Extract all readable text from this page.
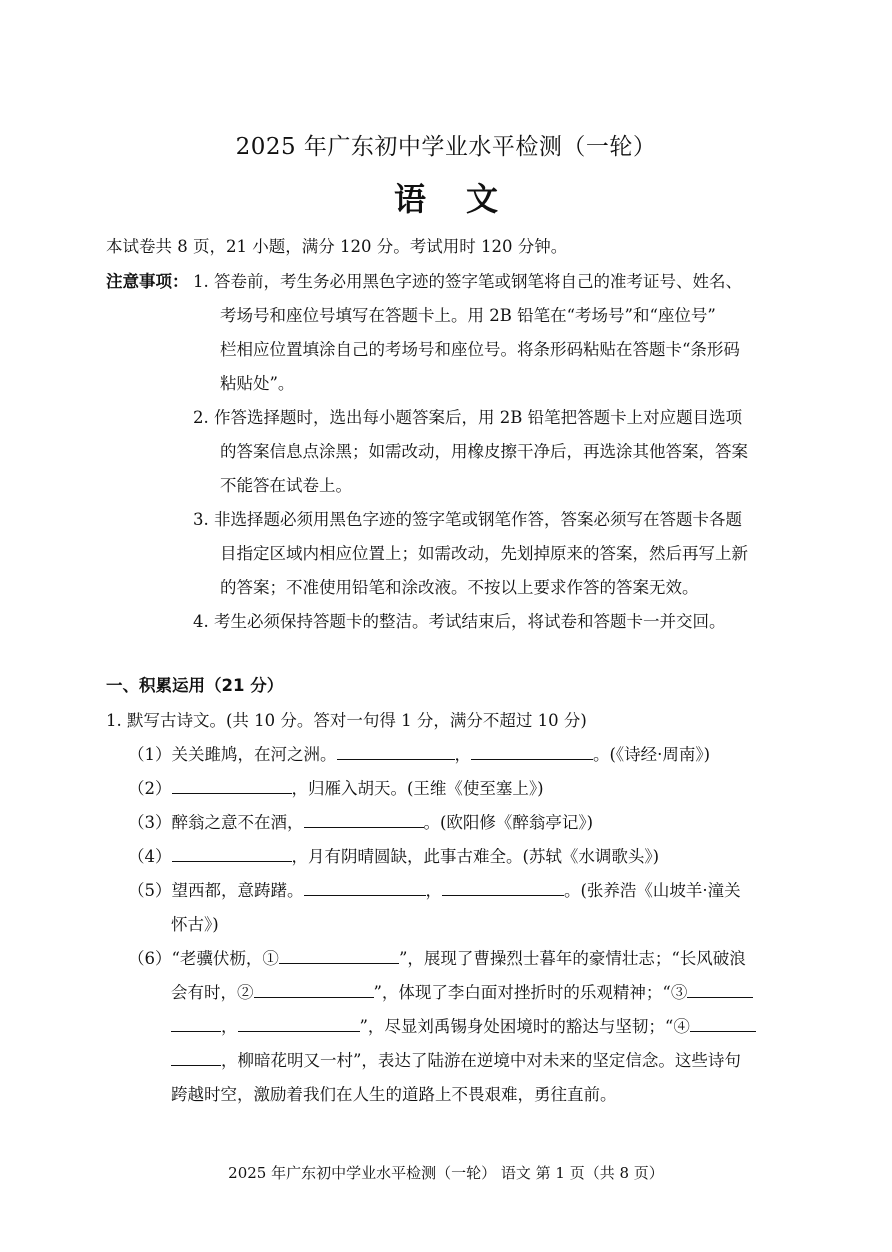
2025 年广东初中学业水平检测（一轮）
语文
本试卷共 8 页，21 小题，满分 120 分。考试用时 120 分钟。
注意事项： 1. 答卷前，考生务必用黑色字迹的签字笔或钢笔将自己的准考证号、姓名、
考场号和座位号填写在答题卡上。用 2B 铅笔在“考场号”和“座位号”
栏相应位置填涂自己的考场号和座位号。将条形码粘贴在答题卡“条形码
粘贴处”。
2. 作答选择题时，选出每小题答案后，用 2B 铅笔把答题卡上对应题目选项
的答案信息点涂黑；如需改动，用橡皮擦干净后，再选涂其他答案，答案
不能答在试卷上。
3. 非选择题必须用黑色字迹的签字笔或钢笔作答，答案必须写在答题卡各题
目指定区域内相应位置上；如需改动，先划掉原来的答案，然后再写上新
的答案；不准使用铅笔和涂改液。不按以上要求作答的答案无效。
4. 考生必须保持答题卡的整洁。考试结束后，将试卷和答题卡一并交回。
一、积累运用（21 分）
1. 默写古诗文。(共 10 分。答对一句得 1 分，满分不超过 10 分)
（1）关关雎鸠，在河之洲。	，	。(《诗经·周南》)
（2）	，归雁入胡天。(王维《使至塞上》)
（3）醉翁之意不在酒，	。(欧阳修《醉翁亭记》)
（4）	，月有阴晴圆缺，此事古难全。(苏轼《水调歌头》)
（5）望西都，意踌躇。	，	。(张养浩《山坡羊·潼关
怀古》)
（6）“老骥伏枥，①	”，展现了曹操烈士暮年的豪情壮志；“长风破浪
会有时，②	”，体现了李白面对挫折时的乐观精神；“③
，	”，尽显刘禹锡身处困境时的豁达与坚韧；“④
，柳暗花明又一村”，表达了陆游在逆境中对未来的坚定信念。这些诗句
跨越时空，激励着我们在人生的道路上不畏艰难，勇往直前。
2025 年广东初中学业水平检测（一轮） 语文 第 1 页（共 8 页）
